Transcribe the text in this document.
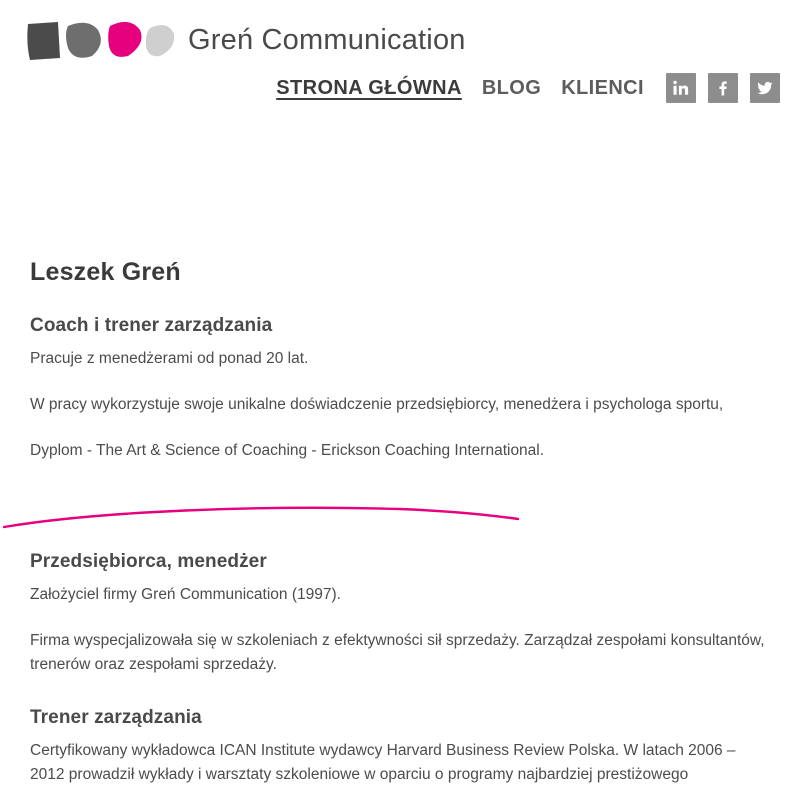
Greń Communication
STRONA GŁÓWNA BLOG KLIENCI
Leszek Greń
Coach i trener zarządzania

Pracuje z menedżerami od ponad 20 lat.

W pracy wykorzystuje swoje unikalne doświadczenie przedsiębiorcy, menedżera i psychologa sportu,

Dyplom - The Art & Science of Coaching - Erickson Coaching International.

Przedsiębiorca, menedżer

Założyciel firmy Greń Communication (1997).

Firma wyspecjalizowała się w szkoleniach z efektywności sił sprzedaży. Zarządzał zespołami konsultantów, trenerów oraz zespołami sprzedaży.

Trener zarządzania

Certyfikowany wykładowca ICAN Institute wydawcy Harvard Business Review Polska. W latach 2006 – 2012 prowadził wykłady i warsztaty szkoleniowe w oparciu o programy najbardziej prestiżowego
